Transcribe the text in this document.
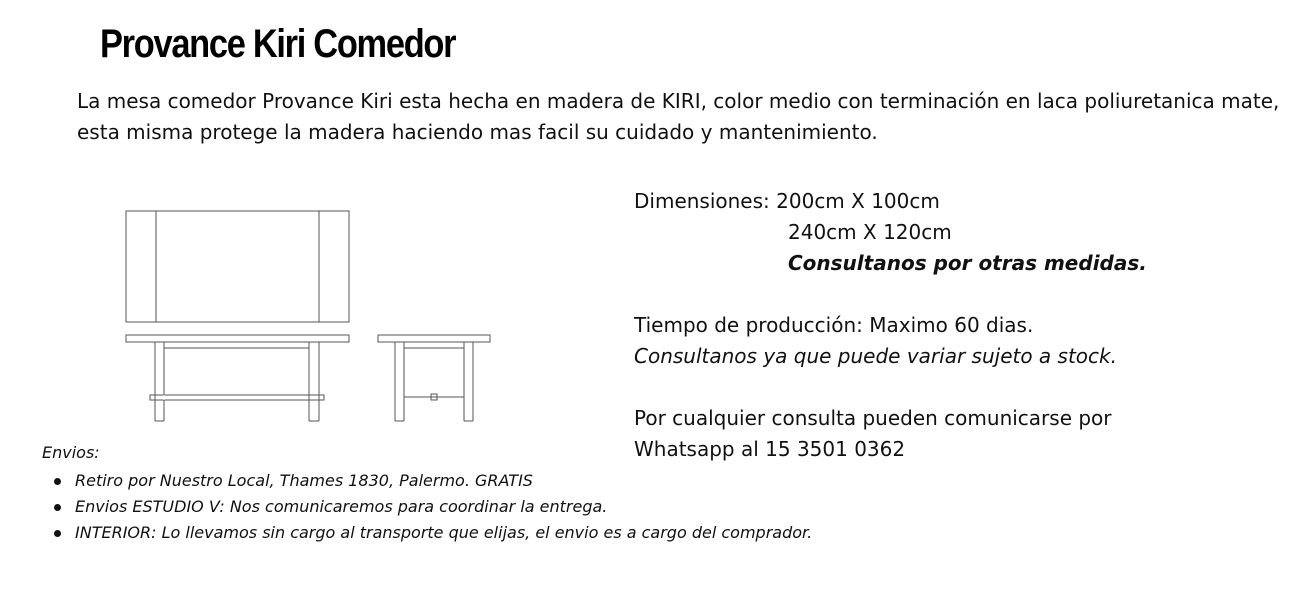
Provance Kiri Comedor

La mesa comedor Provance Kiri esta hecha en madera de KIRI, color medio con terminación en laca poliuretanica mate, esta misma protege la madera haciendo mas facil su cuidado y mantenimiento.

Dimensiones: 200cm X 100cm
240cm X 120cm
Consultanos por otras medidas.
Tiempo de producción: Maximo 60 dias.
Consultanos ya que puede variar sujeto a stock.
Por cualquier consulta pueden comunicarse por
Whatsapp al 15 3501 0362

Envios:

Retiro por Nuestro Local, Thames 1830, Palermo. GRATIS
Envios ESTUDIO V: Nos comunicaremos para coordinar la entrega.
INTERIOR: Lo llevamos sin cargo al transporte que elijas, el envio es a cargo del comprador.
